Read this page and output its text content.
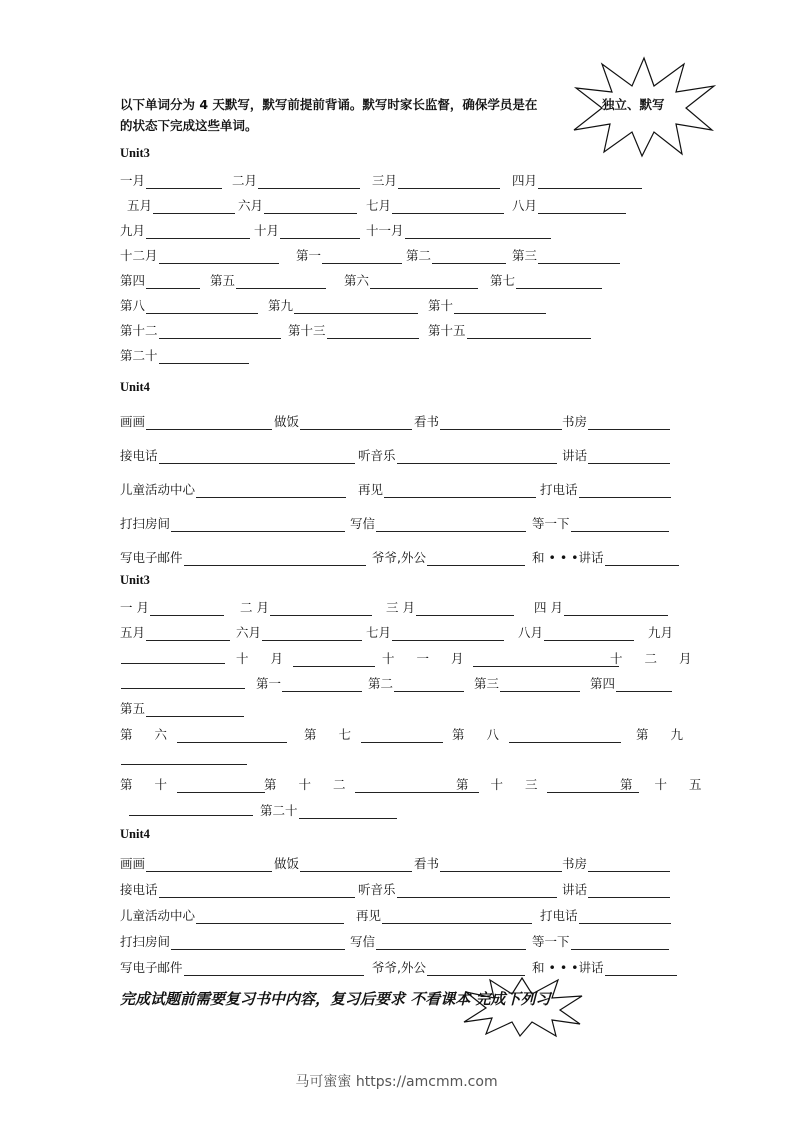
以下单词分为 4 天默写，默写前提前背诵。默写时家长监督，确保学员是在
的状态下完成这些单词。
独立、默写
Unit3
一月	二月	三月	四月
五月	六月	七月	八月
九月	十月	十一月
十二月	第一	第二	第三
第四	第五	第六	第七
第八	第九	第十
第十二	第十三	第十五
第二十
Unit4
画画	做饭	看书	书房
接电话	听音乐	讲话
儿童活动中心	再见	打电话
打扫房间	写信	等一下
写电子邮件	爷爷,外公	和 • • •讲话
Unit3
一 月	二 月	三 月	四 月
五月	六月	七月	八月	九月
十 月	十 一 月	十 二 月
第一	第二	第三	第四
第五
第 六	第 七	第 八	第 九
第 十	第 十 二	第 十 三	第 十 五
第二十
Unit4
画画	做饭	看书	书房
接电话	听音乐	讲话
儿童活动中心	再见	打电话
打扫房间	写信	等一下
写电子邮件	爷爷,外公	和 • • •讲话
完成试题前需要复习书中内容，复习后要求 不看课本 完成下列习
马可蜜蜜 https://amcmm.com
